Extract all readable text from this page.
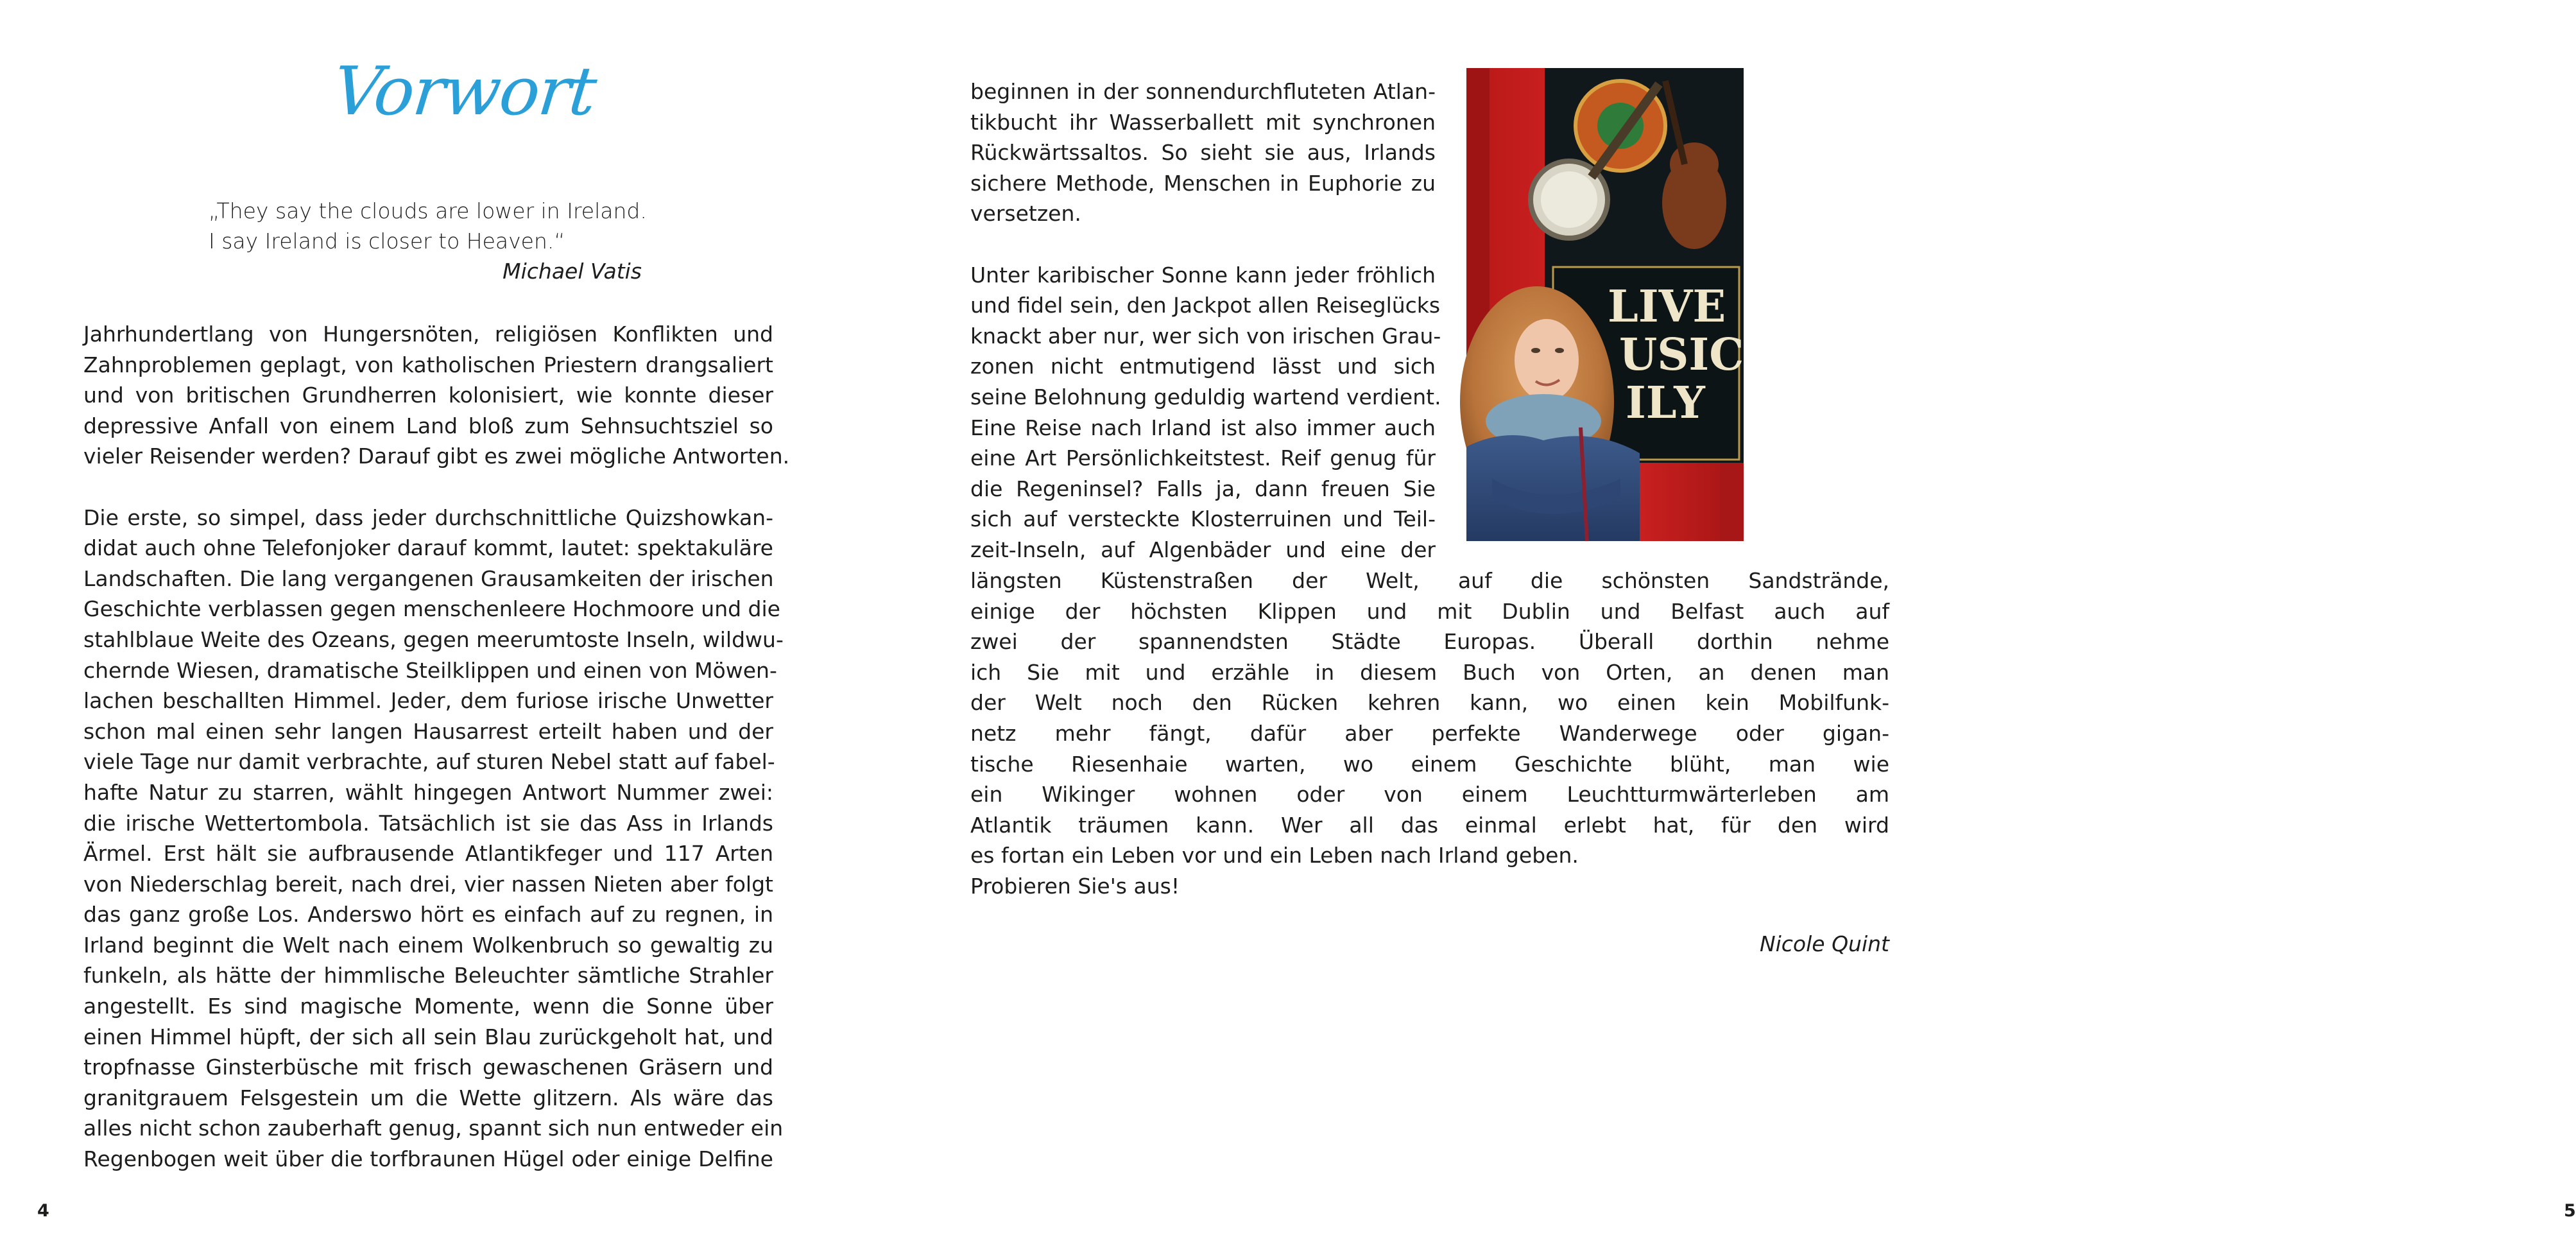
Vorwort
„They say the clouds are lower in Ireland.
I say Ireland is closer to Heaven.“
Michael Vatis
Jahrhundertlang von Hungersnöten, religiösen Konflikten und
Zahnproblemen geplagt, von katholischen Priestern drangsaliert
und von britischen Grundherren kolonisiert, wie konnte dieser
depressive Anfall von einem Land bloß zum Sehnsuchtsziel so
vieler Reisender werden? Darauf gibt es zwei mögliche Antworten.
Die erste, so simpel, dass jeder durchschnittliche Quizshowkan-
didat auch ohne Telefonjoker darauf kommt, lautet: spektakuläre
Landschaften. Die lang vergangenen Grausamkeiten der irischen
Geschichte verblassen gegen menschenleere Hochmoore und die
stahlblaue Weite des Ozeans, gegen meerumtoste Inseln, wildwu-
chernde Wiesen, dramatische Steilklippen und einen von Möwen-
lachen beschallten Himmel. Jeder, dem furiose irische Unwetter
schon mal einen sehr langen Hausarrest erteilt haben und der
viele Tage nur damit verbrachte, auf sturen Nebel statt auf fabel-
hafte Natur zu starren, wählt hingegen Antwort Nummer zwei:
die irische Wettertombola. Tatsächlich ist sie das Ass in Irlands
Ärmel. Erst hält sie aufbrausende Atlantikfeger und 117 Arten
von Niederschlag bereit, nach drei, vier nassen Nieten aber folgt
das ganz große Los. Anderswo hört es einfach auf zu regnen, in
Irland beginnt die Welt nach einem Wolkenbruch so gewaltig zu
funkeln, als hätte der himmlische Beleuchter sämtliche Strahler
angestellt. Es sind magische Momente, wenn die Sonne über
einen Himmel hüpft, der sich all sein Blau zurückgeholt hat, und
tropfnasse Ginsterbüsche mit frisch gewaschenen Gräsern und
granitgrauem Felsgestein um die Wette glitzern. Als wäre das
alles nicht schon zauberhaft genug, spannt sich nun entweder ein
Regenbogen weit über die torfbraunen Hügel oder einige Delfine
4
beginnen in der sonnendurchfluteten Atlan-
tikbucht ihr Wasserballett mit synchronen
Rückwärtssaltos. So sieht sie aus, Irlands
sichere Methode, Menschen in Euphorie zu
versetzen.
Unter karibischer Sonne kann jeder fröhlich
und fidel sein, den Jackpot allen Reiseglücks
knackt aber nur, wer sich von irischen Grau-
zonen nicht entmutigend lässt und sich
seine Belohnung geduldig wartend verdient.
Eine Reise nach Irland ist also immer auch
eine Art Persönlichkeitstest. Reif genug für
die Regeninsel? Falls ja, dann freuen Sie
sich auf versteckte Klosterruinen und Teil-
zeit-Inseln, auf Algenbäder und eine der
längsten Küstenstraßen der Welt, auf die schönsten Sandstrände,
einige der höchsten Klippen und mit Dublin und Belfast auch auf
zwei der spannendsten Städte Europas. Überall dorthin nehme
ich Sie mit und erzähle in diesem Buch von Orten, an denen man
der Welt noch den Rücken kehren kann, wo einen kein Mobilfunk-
netz mehr fängt, dafür aber perfekte Wanderwege oder gigan-
tische Riesenhaie warten, wo einem Geschichte blüht, man wie
ein Wikinger wohnen oder von einem Leuchtturmwärterleben am
Atlantik träumen kann. Wer all das einmal erlebt hat, für den wird
es fortan ein Leben vor und ein Leben nach Irland geben.
Probieren Sie's aus!
Nicole Quint
5
LIVE
USIC
ILY
